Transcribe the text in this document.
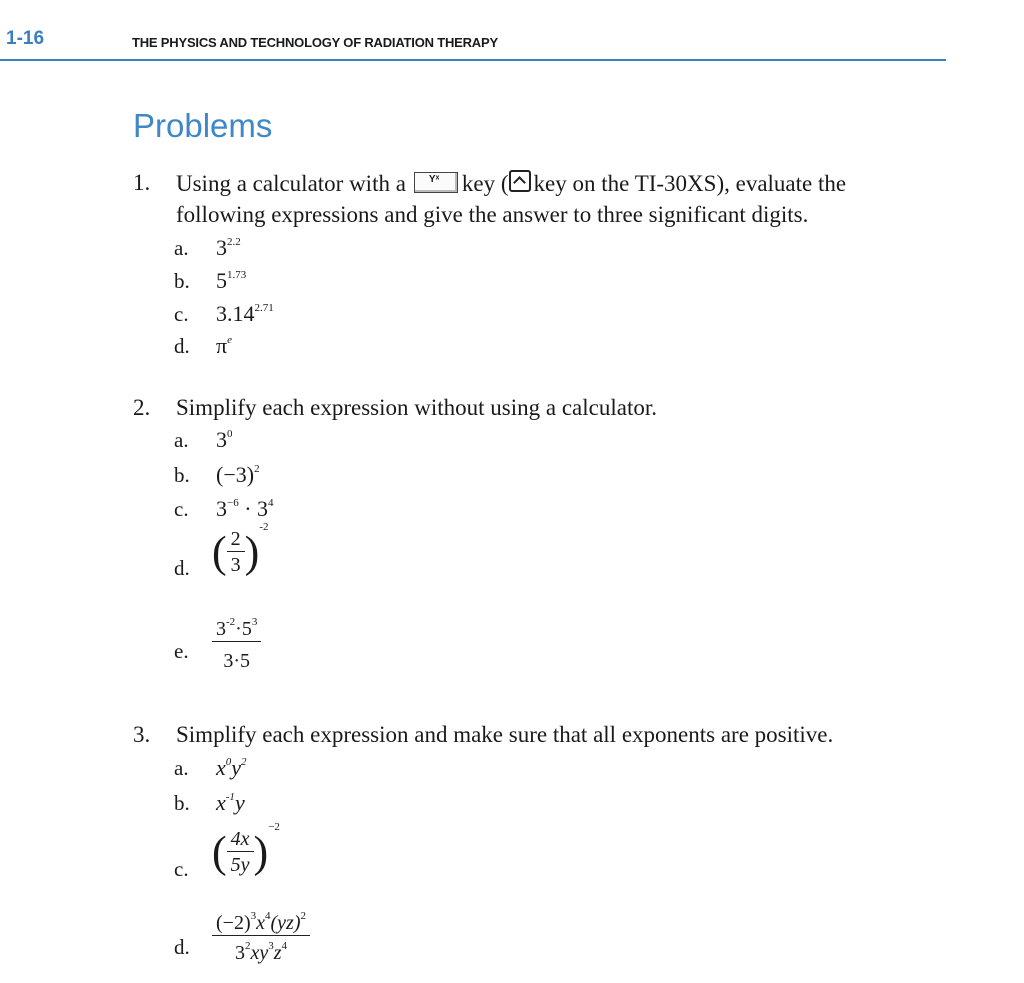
1-16	THE PHYSICS AND TECHNOLOGY OF RADIATION THERAPY
Problems
1. Using a calculator with a Yˣ key ( key on the TI-30XS), evaluate the
following expressions and give the answer to three significant digits.
a. $3^{2.2}$
b. $5^{1.73}$
c. $3.14^{2.71}$
d. $\pi^e$
2. Simplify each expression without using a calculator.
a. $3^0$
b. $(-3)^2$
c. $3^{-6} \cdot 3^4$
d. ( $\frac{2}{3} )^{-2}$
e. $\frac{3^{-2}\cdot 5^3}{3\cdot 5}$
3. Simplify each expression and make sure that all exponents are positive.
a. $x^0y^2$
b. $x^{-1}y$
c. ( $\frac{4x}{5y} )^{-2}$
d. $\frac{(-2)^3x^4(yz)^2}{3^2xy^3z^4}$
